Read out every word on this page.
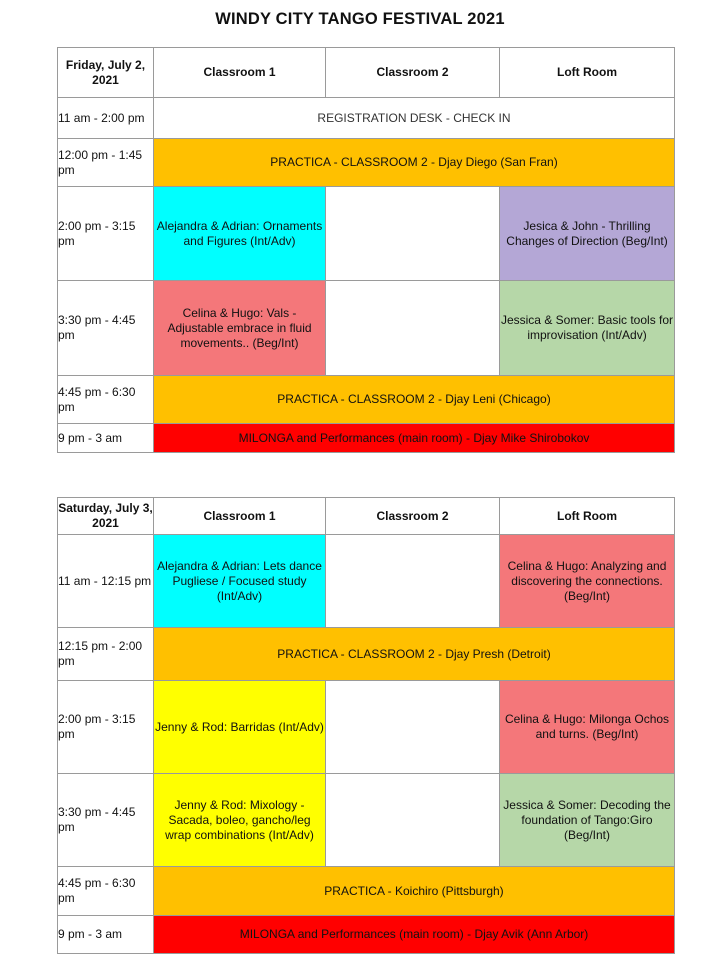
WINDY CITY TANGO FESTIVAL 2021
Friday, July 2, 2021	Classroom 1	Classroom 2	Loft Room
11 am - 2:00 pm	REGISTRATION DESK - CHECK IN		
12:00 pm - 1:45 pm	PRACTICA - CLASSROOM 2 - Djay Diego (San Fran)		
2:00 pm - 3:15 pm	Alejandra & Adrian: Ornaments and Figures (Int/Adv)		Jesica & John - Thrilling Changes of Direction (Beg/Int)
3:30 pm - 4:45 pm	Celina & Hugo: Vals - Adjustable embrace in fluid movements.. (Beg/Int)		Jessica & Somer: Basic tools for improvisation (Int/Adv)
4:45 pm - 6:30 pm	PRACTICA - CLASSROOM 2 - Djay Leni (Chicago)		
9 pm - 3 am	MILONGA and Performances (main room) - Djay Mike Shirobokov		
Saturday, July 3, 2021	Classroom 1	Classroom 2	Loft Room
11 am - 12:15 pm	Alejandra & Adrian: Lets dance Pugliese / Focused study (Int/Adv)		Celina & Hugo: Analyzing and discovering the connections. (Beg/Int)
12:15 pm - 2:00 pm	PRACTICA - CLASSROOM 2 - Djay Presh (Detroit)		
2:00 pm - 3:15 pm	Jenny & Rod: Barridas (Int/Adv)		Celina & Hugo: Milonga Ochos and turns. (Beg/Int)
3:30 pm - 4:45 pm	Jenny & Rod: Mixology - Sacada, boleo, gancho/leg wrap combinations (Int/Adv)		Jessica & Somer: Decoding the foundation of Tango:Giro (Beg/Int)
4:45 pm - 6:30 pm	PRACTICA - Koichiro (Pittsburgh)		
9 pm - 3 am	MILONGA and Performances (main room) - Djay Avik (Ann Arbor)		
